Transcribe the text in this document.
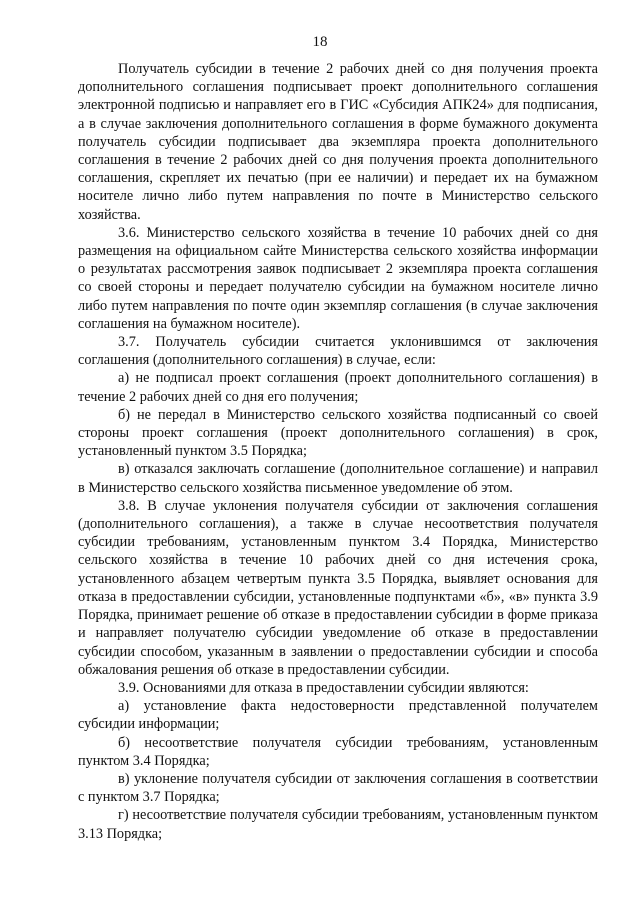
18

Получатель субсидии в течение 2 рабочих дней со дня получения проекта дополнительного соглашения подписывает проект дополнительного соглашения электронной подписью и направляет его в ГИС «Субсидия АПК24» для подписания, а в случае заключения дополнительного соглашения в форме бумажного документа получатель субсидии подписывает два экземпляра проекта дополнительного соглашения в течение 2 рабочих дней со дня получения проекта дополнительного соглашения, скрепляет их печатью (при ее наличии) и передает их на бумажном носителе лично либо путем направления по почте в Министерство сельского хозяйства.

3.6. Министерство сельского хозяйства в течение 10 рабочих дней со дня размещения на официальном сайте Министерства сельского хозяйства информации о результатах рассмотрения заявок подписывает 2 экземпляра проекта соглашения со своей стороны и передает получателю субсидии на бумажном носителе лично либо путем направления по почте один экземпляр соглашения (в случае заключения соглашения на бумажном носителе).

3.7. Получатель субсидии считается уклонившимся от заключения соглашения (дополнительного соглашения) в случае, если:

а) не подписал проект соглашения (проект дополнительного соглашения) в течение 2 рабочих дней со дня его получения;

б) не передал в Министерство сельского хозяйства подписанный со своей стороны проект соглашения (проект дополнительного соглашения) в срок, установленный пунктом 3.5 Порядка;

в) отказался заключать соглашение (дополнительное соглашение) и направил в Министерство сельского хозяйства письменное уведомление об этом.

3.8. В случае уклонения получателя субсидии от заключения соглашения (дополнительного соглашения), а также в случае несоответствия получателя субсидии требованиям, установленным пунктом 3.4 Порядка, Министерство сельского хозяйства в течение 10 рабочих дней со дня истечения срока, установленного абзацем четвертым пункта 3.5 Порядка, выявляет основания для отказа в предоставлении субсидии, установленные подпунктами «б», «в» пункта 3.9 Порядка, принимает решение об отказе в предоставлении субсидии в форме приказа и направляет получателю субсидии уведомление об отказе в предоставлении субсидии способом, указанным в заявлении о предоставлении субсидии и способа обжалования решения об отказе в предоставлении субсидии.

3.9. Основаниями для отказа в предоставлении субсидии являются:

а) установление факта недостоверности представленной получателем субсидии информации;

б) несоответствие получателя субсидии требованиям, установленным пунктом 3.4 Порядка;

в) уклонение получателя субсидии от заключения соглашения в соответствии с пунктом 3.7 Порядка;

г) несоответствие получателя субсидии требованиям, установленным пунктом 3.13 Порядка;
